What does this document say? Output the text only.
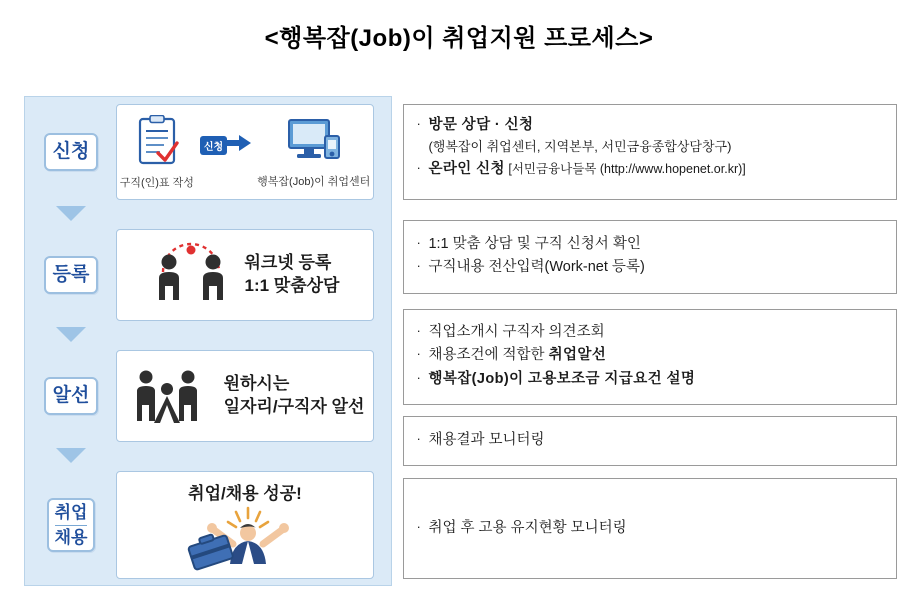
<행복잡(Job)이 취업지원 프로세스>
신청
구직(인)표 작성
신청
행복잡(Job)이 취업센터
등록
워크넷 등록
1:1 맞춤상담
알선
원하시는
일자리/구직자 알선
취업
채용
취업/채용 성공!
· 방문 상담 · 신청
(행복잡이 취업센터, 지역본부, 서민금융종합상담창구)
· 온라인 신청 [서민금융나들목 (http://www.hopenet.or.kr)]
· 1:1 맞춤 상담 및 구직 신청서 확인
· 구직내용 전산입력(Work-net 등록)
· 직업소개시 구직자 의견조회
· 채용조건에 적합한 취업알선
· 행복잡(Job)이 고용보조금 지급요건 설명
· 채용결과 모니터링
· 취업 후 고용 유지현황 모니터링
